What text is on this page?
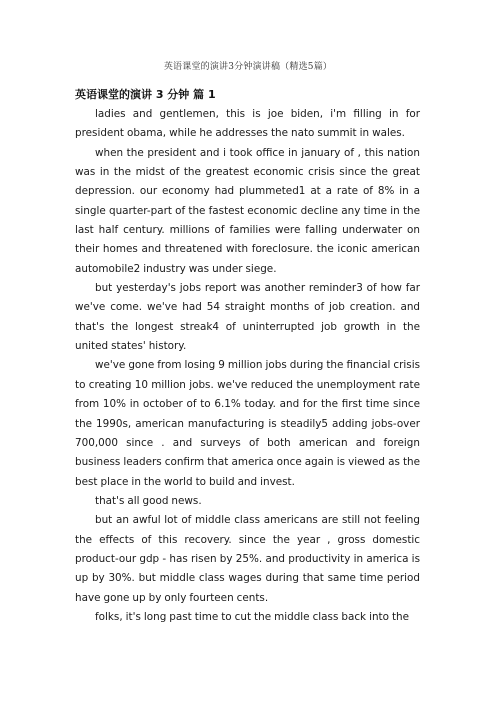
英语课堂的演讲3分钟演讲稿（精选5篇）
英语课堂的演讲 3 分钟 篇 1

ladies and gentlemen, this is joe biden, i'm filling in for president obama, while he addresses the nato summit in wales.

when the president and i took office in january of , this nation was in the midst of the greatest economic crisis since the great depression. our economy had plummeted1 at a rate of 8% in a single quarter-part of the fastest economic decline any time in the last half century. millions of families were falling underwater on their homes and threatened with foreclosure. the iconic american automobile2 industry was under siege.

but yesterday's jobs report was another reminder3 of how far we've come. we've had 54 straight months of job creation. and that's the longest streak4 of uninterrupted job growth in the united states' history.

we've gone from losing 9 million jobs during the financial crisis to creating 10 million jobs. we've reduced the unemployment rate from 10% in october of to 6.1% today. and for the first time since the 1990s, american manufacturing is steadily5 adding jobs-over 700,000 since . and surveys of both american and foreign business leaders confirm that america once again is viewed as the best place in the world to build and invest.

that's all good news.

but an awful lot of middle class americans are still not feeling the effects of this recovery. since the year , gross domestic product-our gdp - has risen by 25%. and productivity in america is up by 30%. but middle class wages during that same time period have gone up by only fourteen cents.

folks, it's long past time to cut the middle class back into the
